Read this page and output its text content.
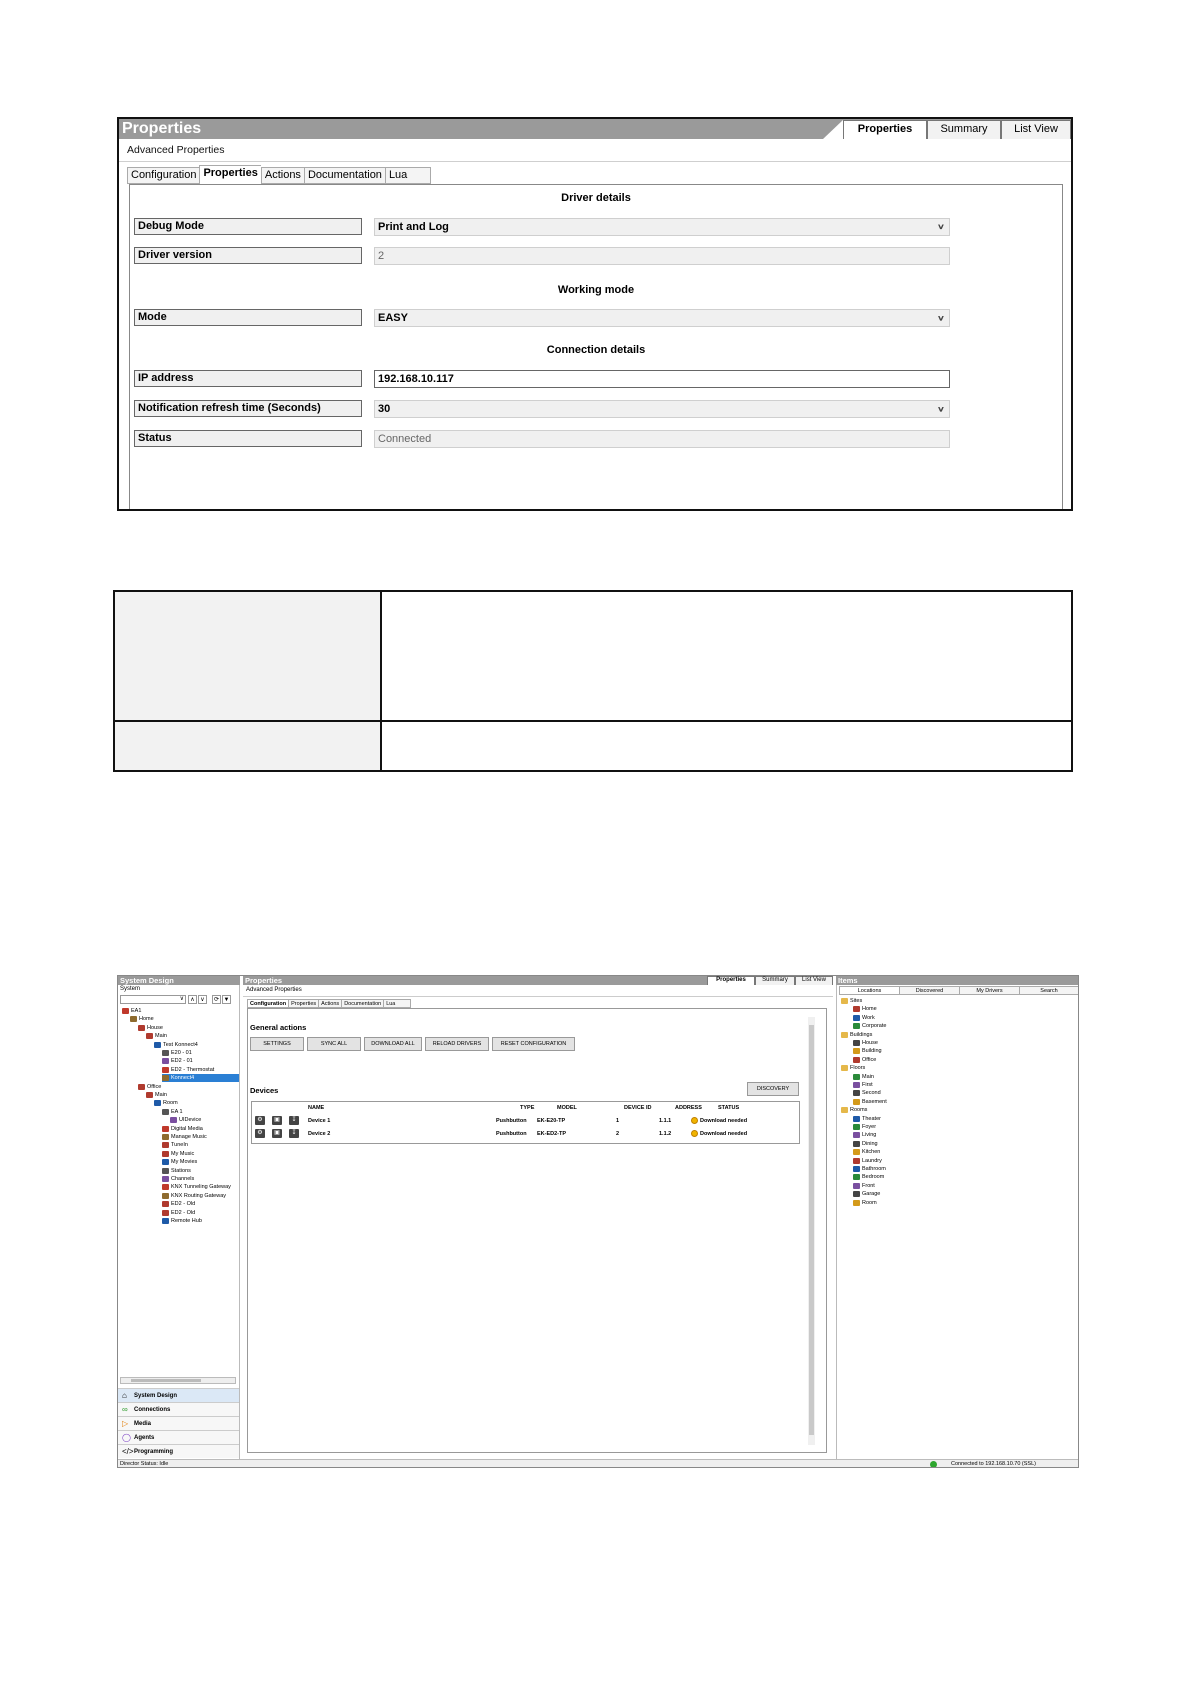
Properties	Properties	Summary	List View
Advanced Properties
Configuration Properties Actions Documentation Lua
Driver details
Debug Mode	Print and Log	∨
Driver version	2
Working mode
Mode	EASY	∨
Connection details
IP address	192.168.10.117
Notification refresh time (Seconds)	30	∨
Status	Connected
System Design	Properties	Properties	Summary	List View	Items
System
∨	∧ ∨	⟳ ▼
EA1
Home
House
Main
Test Konnect4
E20 - 01
ED2 - 01
ED2 - Thermostat
Konnect4
Office
Main
Room
EA 1
UIDevice
Digital Media
Manage Music
TuneIn
My Music
My Movies
Stations
Channels
KNX Tunneling Gateway
KNX Routing Gateway
ED2 - Old
ED2 - Old
Remote Hub
⌂ System Design
∞ Connections
▷ Media
◯ Agents
</> Programming
Advanced Properties
Configuration Properties Actions Documentation Lua
General actions
SETTINGS	SYNC ALL	DOWNLOAD ALL	RELOAD DRIVERS	RESET CONFIGURATION
Devices	DISCOVERY
NAME	TYPE	MODEL	DEVICE ID	ADDRESS	STATUS
⚙	▣	↧	Device 1	Pushbutton EK-E20-TP	1	1.1.1	Download needed
⚙	▣	↧	Device 2	Pushbutton EK-ED2-TP	2	1.1.2	Download needed
Locations	Discovered	My Drivers	Search
Sites
Home
Work
Corporate
Buildings
House
Building
Office
Floors
Main
First
Second
Basement
Rooms
Theater
Foyer
Living
Dining
Kitchen
Laundry
Bathroom
Bedroom
Front
Garage
Room
Director Status: Idle	Connected to 192.168.10.70 (SSL)
